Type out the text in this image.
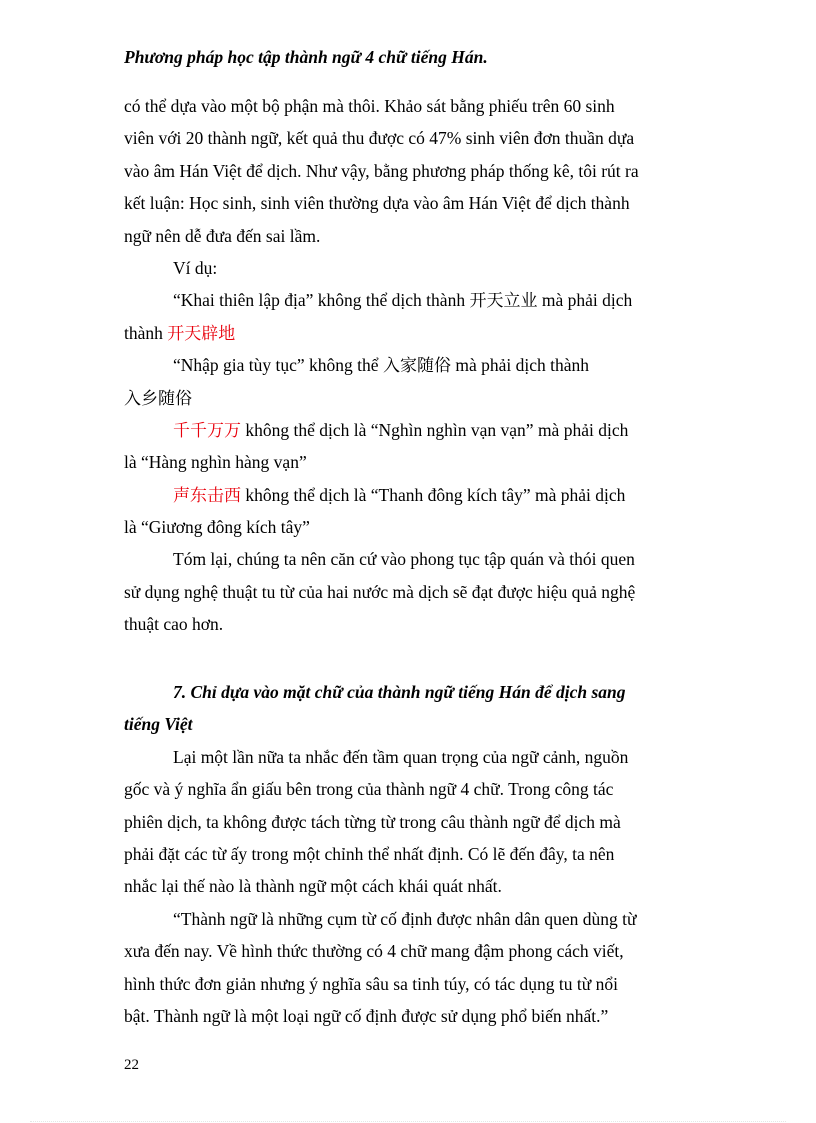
Phương pháp học tập thành ngữ 4 chữ tiếng Hán.
có thể dựa vào một bộ phận mà thôi. Khảo sát bằng phiếu trên 60 sinh
viên với 20 thành ngữ, kết quả thu được có 47% sinh viên đơn thuần dựa
vào âm Hán Việt để dịch. Như vậy, bằng phương pháp thống kê, tôi rút ra
kết luận: Học sinh, sinh viên thường dựa vào âm Hán Việt để dịch thành
ngữ nên dễ đưa đến sai lầm.
Ví dụ:
“Khai thiên lập địa” không thể dịch thành 开天立业 mà phải dịch
thành 开天辟地
“Nhập gia tùy tục” không thể 入家随俗 mà phải dịch thành
入乡随俗
千千万万 không thể dịch là “Nghìn nghìn vạn vạn” mà phải dịch
là “Hàng nghìn hàng vạn”
声东击西 không thể dịch là “Thanh đông kích tây” mà phải dịch
là “Giương đông kích tây”
Tóm lại, chúng ta nên căn cứ vào phong tục tập quán và thói quen
sử dụng nghệ thuật tu từ của hai nước mà dịch sẽ đạt được hiệu quả nghệ
thuật cao hơn.
7. Chỉ dựa vào mặt chữ của thành ngữ tiếng Hán để dịch sang
tiếng Việt
Lại một lần nữa ta nhắc đến tầm quan trọng của ngữ cảnh, nguồn
gốc và ý nghĩa ẩn giấu bên trong của thành ngữ 4 chữ. Trong công tác
phiên dịch, ta không được tách từng từ trong câu thành ngữ để dịch mà
phải đặt các từ ấy trong một chỉnh thể nhất định. Có lẽ đến đây, ta nên
nhắc lại thế nào là thành ngữ một cách khái quát nhất.
“Thành ngữ là những cụm từ cố định được nhân dân quen dùng từ
xưa đến nay. Về hình thức thường có 4 chữ mang đậm phong cách viết,
hình thức đơn giản nhưng ý nghĩa sâu sa tinh túy, có tác dụng tu từ nổi
bật. Thành ngữ là một loại ngữ cố định được sử dụng phổ biến nhất.”
22
